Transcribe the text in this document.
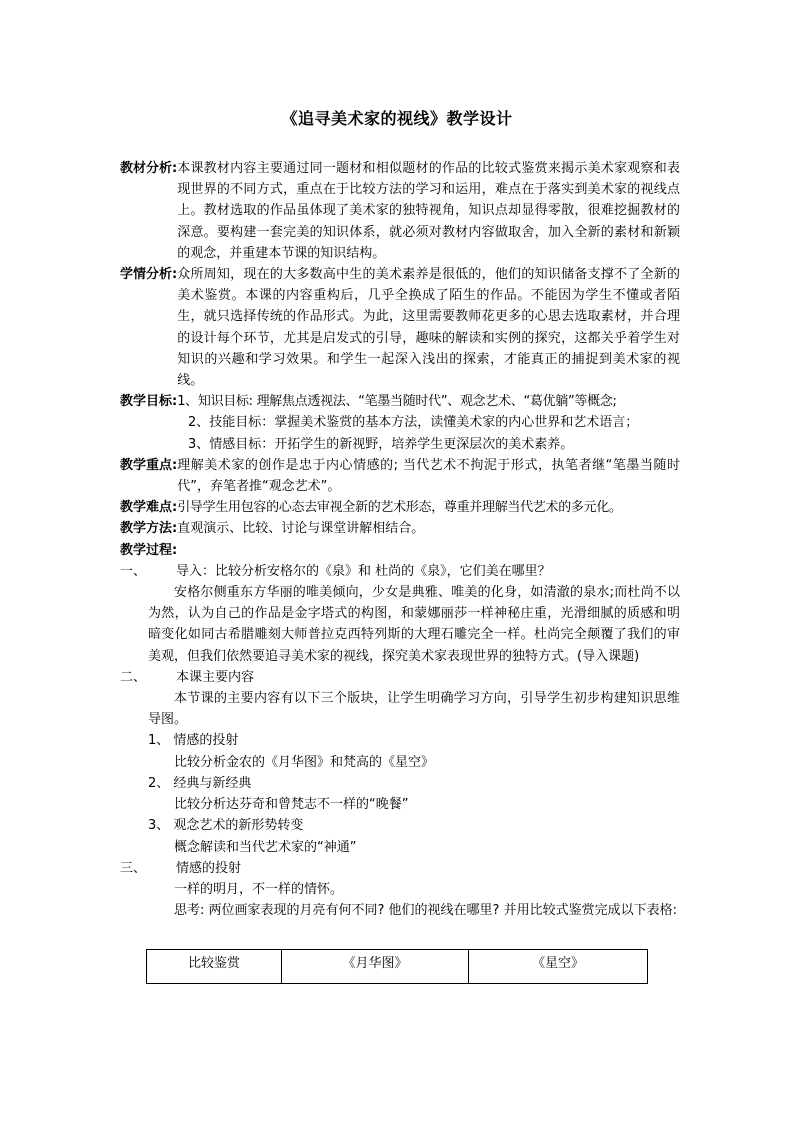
《追寻美术家的视线》教学设计
教材分析: 本课教材内容主要通过同一题材和相似题材的作品的比较式鉴赏来揭示美术家观察和表现世界的不同方式，重点在于比较方法的学习和运用，难点在于落实到美术家的视线点上。教材选取的作品虽体现了美术家的独特视角，知识点却显得零散，很难挖掘教材的深意。要构建一套完美的知识体系，就必须对教材内容做取舍，加入全新的素材和新颖的观念，并重建本节课的知识结构。
学情分析: 众所周知，现在的大多数高中生的美术素养是很低的，他们的知识储备支撑不了全新的美术鉴赏。本课的内容重构后，几乎全换成了陌生的作品。不能因为学生不懂或者陌生，就只选择传统的作品形式。为此，这里需要教师花更多的心思去选取素材，并合理的设计每个环节，尤其是启发式的引导，趣味的解读和实例的探究，这都关乎着学生对知识的兴趣和学习效果。和学生一起深入浅出的探索，才能真正的捕捉到美术家的视线。
教学目标: 1、知识目标: 理解焦点透视法、“笔墨当随时代”、观念艺术、“葛优躺”等概念;
2、技能目标：掌握美术鉴赏的基本方法，读懂美术家的内心世界和艺术语言；
3、情感目标：开拓学生的新视野，培养学生更深层次的美术素养。
教学重点: 理解美术家的创作是忠于内心情感的; 当代艺术不拘泥于形式，执笔者继“笔墨当随时代”，弃笔者推“观念艺术”。
教学难点: 引导学生用包容的心态去审视全新的艺术形态，尊重并理解当代艺术的多元化。
教学方法: 直观演示、比较、讨论与课堂讲解相结合。
教学过程:
一、	导入：比较分析安格尔的《泉》和 杜尚的《泉》，它们美在哪里？
安格尔侧重东方华丽的唯美倾向，少女是典雅、唯美的化身，如清澈的泉水;而杜尚不以为然，认为自己的作品是金字塔式的构图，和蒙娜丽莎一样神秘庄重，光滑细腻的质感和明暗变化如同古希腊雕刻大师普拉克西特列斯的大理石雕完全一样。杜尚完全颠覆了我们的审美观，但我们依然要追寻美术家的视线，探究美术家表现世界的独特方式。(导入课题)
二、	本课主要内容
本节课的主要内容有以下三个版块，让学生明确学习方向，引导学生初步构建知识思维导图。
1、 情感的投射
比较分析金农的《月华图》和梵高的《星空》
2、 经典与新经典
比较分析达芬奇和曾梵志不一样的“晚餐”
3、 观念艺术的新形势转变
概念解读和当代艺术家的“神通”
三、	情感的投射
一样的明月，不一样的情怀。
思考: 两位画家表现的月亮有何不同? 他们的视线在哪里? 并用比较式鉴赏完成以下表格:
比较鉴赏	《月华图》	《星空》
